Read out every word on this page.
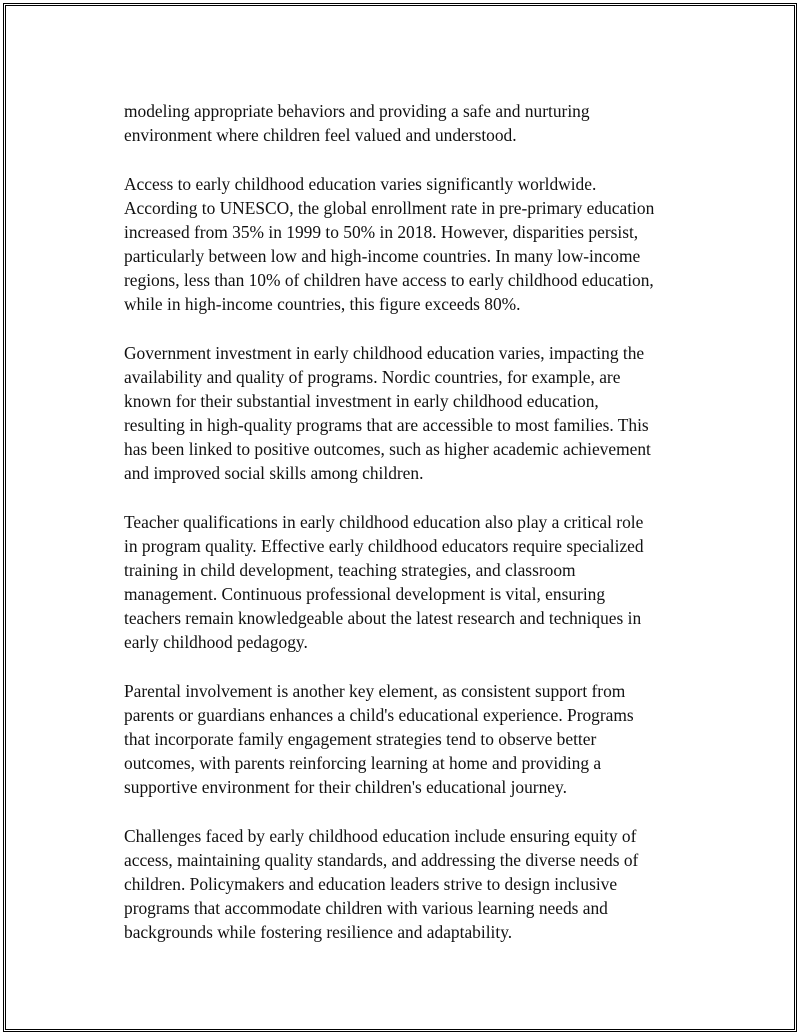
modeling appropriate behaviors and providing a safe and nurturing
environment where children feel valued and understood.

Access to early childhood education varies significantly worldwide.
According to UNESCO, the global enrollment rate in pre-primary education
increased from 35% in 1999 to 50% in 2018. However, disparities persist,
particularly between low and high-income countries. In many low-income
regions, less than 10% of children have access to early childhood education,
while in high-income countries, this figure exceeds 80%.

Government investment in early childhood education varies, impacting the
availability and quality of programs. Nordic countries, for example, are
known for their substantial investment in early childhood education,
resulting in high-quality programs that are accessible to most families. This
has been linked to positive outcomes, such as higher academic achievement
and improved social skills among children.

Teacher qualifications in early childhood education also play a critical role
in program quality. Effective early childhood educators require specialized
training in child development, teaching strategies, and classroom
management. Continuous professional development is vital, ensuring
teachers remain knowledgeable about the latest research and techniques in
early childhood pedagogy.

Parental involvement is another key element, as consistent support from
parents or guardians enhances a child's educational experience. Programs
that incorporate family engagement strategies tend to observe better
outcomes, with parents reinforcing learning at home and providing a
supportive environment for their children's educational journey.

Challenges faced by early childhood education include ensuring equity of
access, maintaining quality standards, and addressing the diverse needs of
children. Policymakers and education leaders strive to design inclusive
programs that accommodate children with various learning needs and
backgrounds while fostering resilience and adaptability.
